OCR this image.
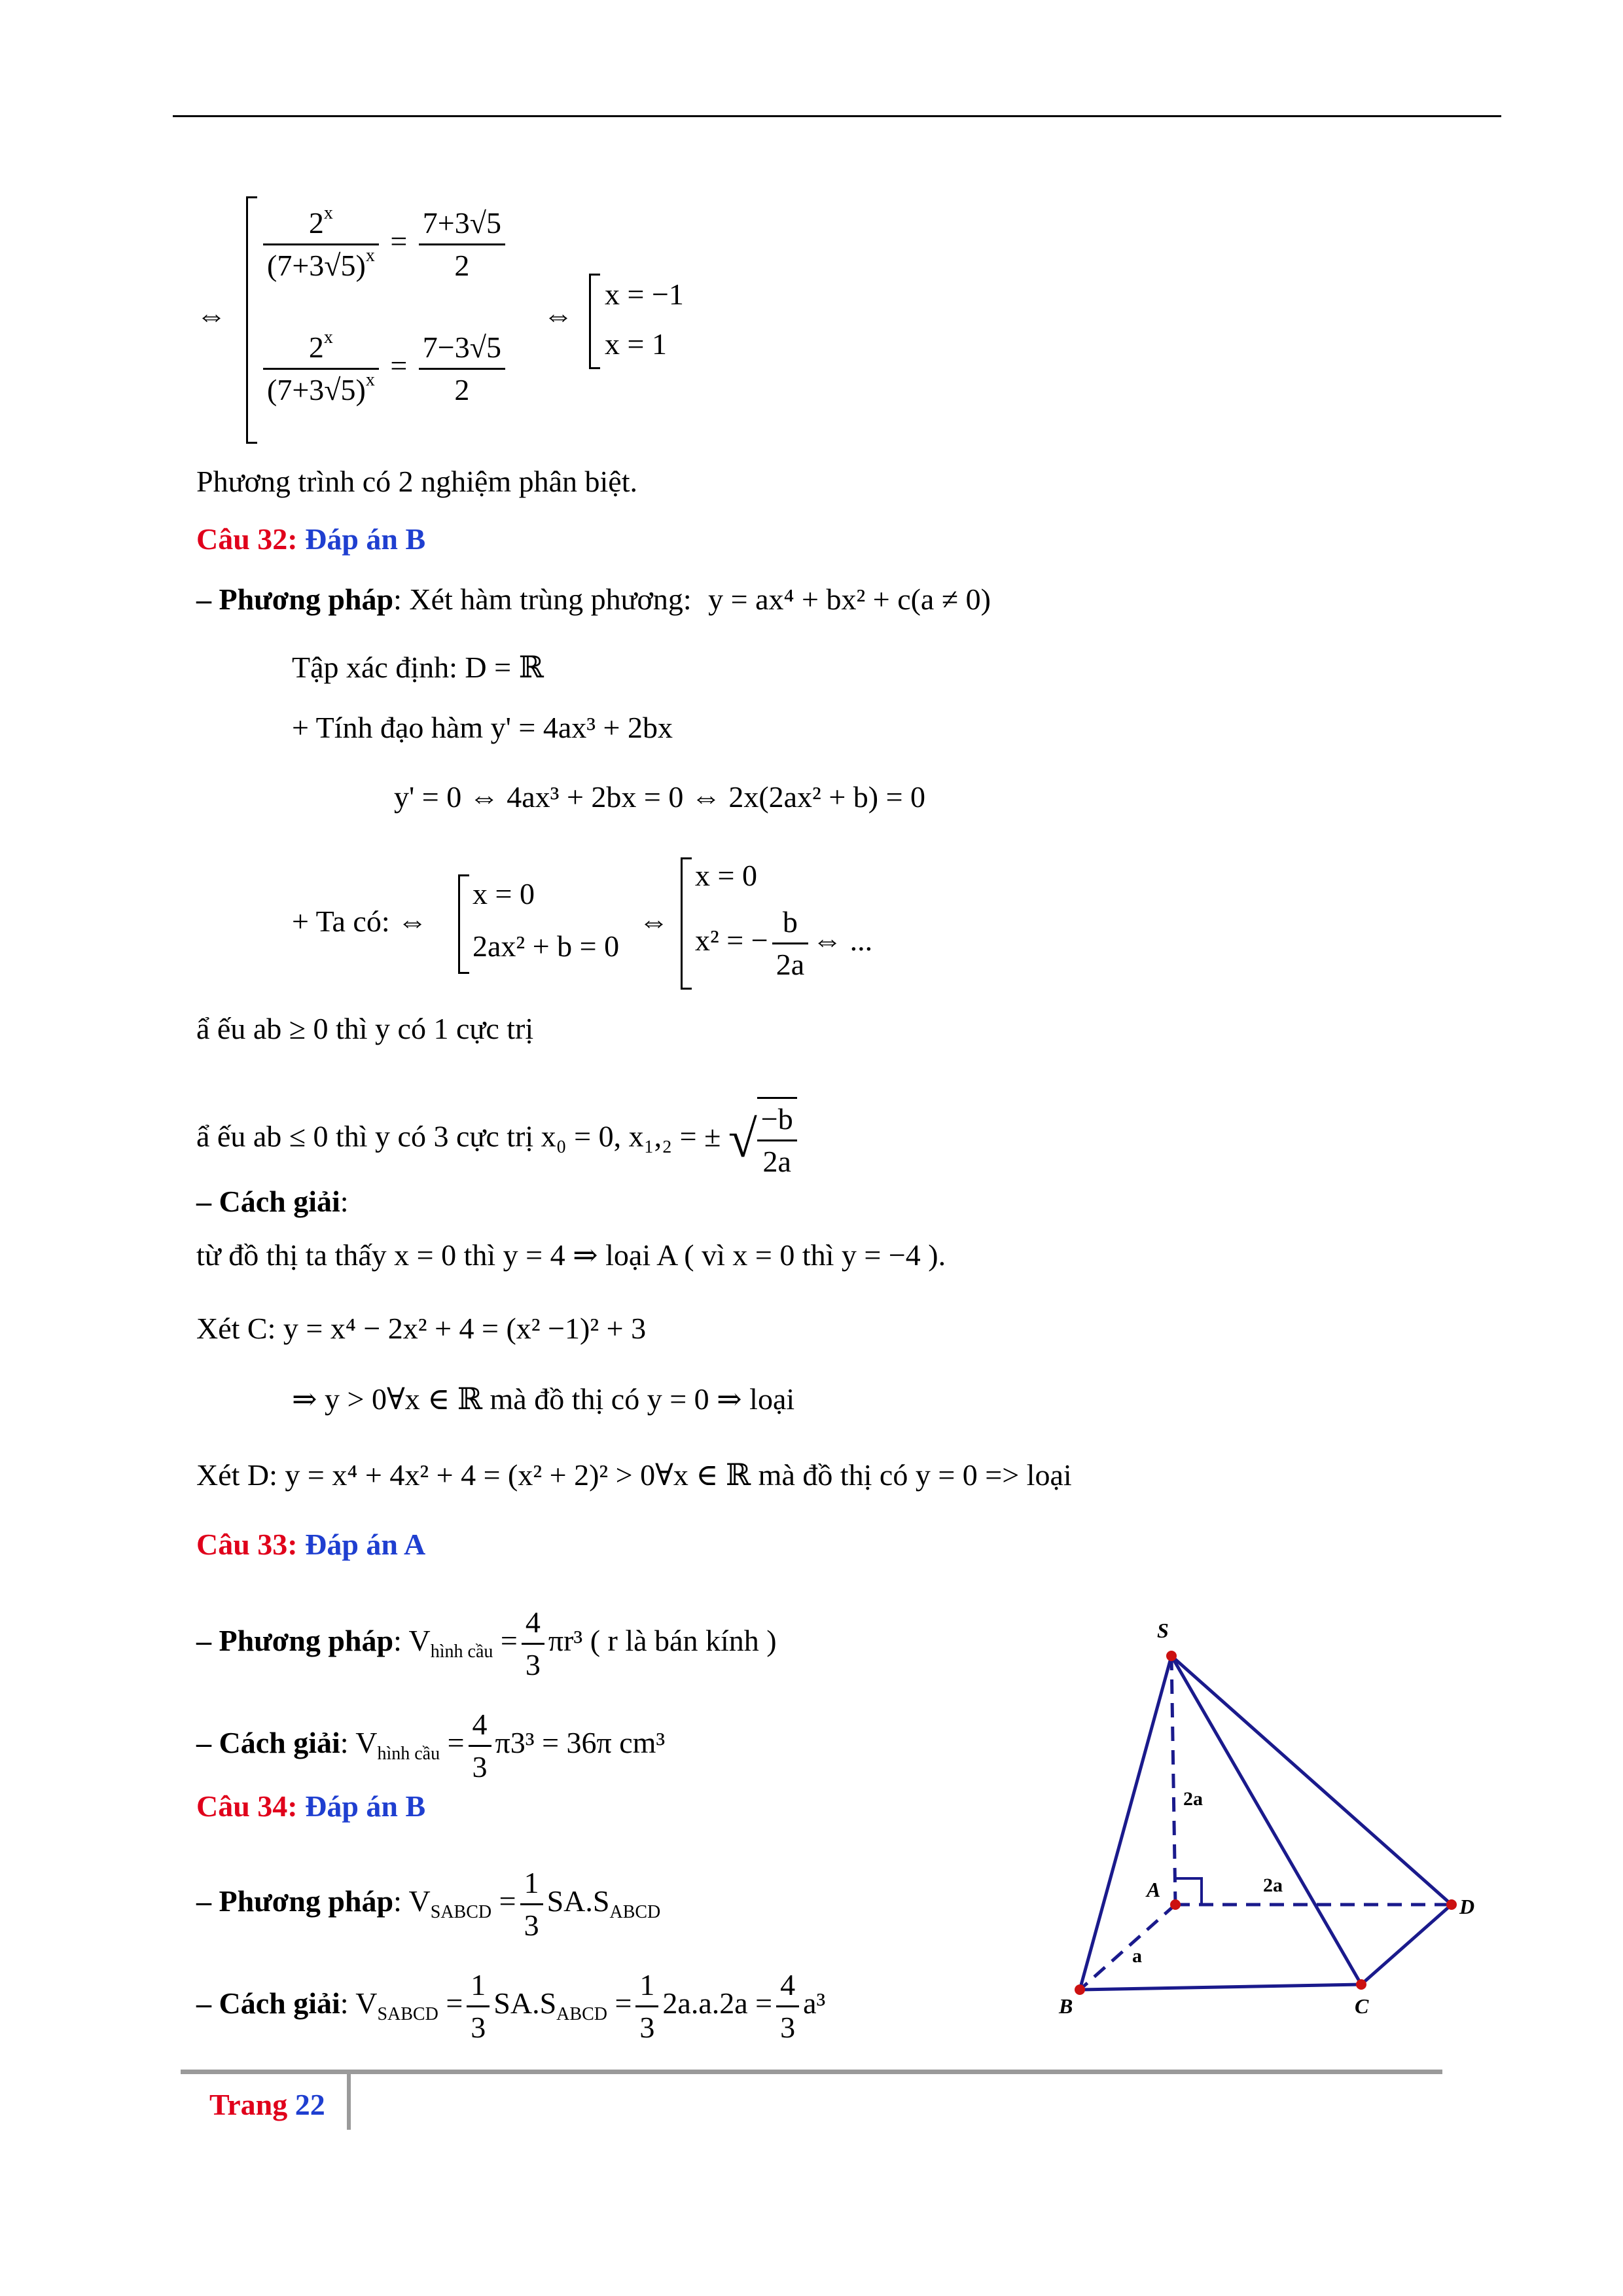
⇔
$\frac{2^x}{(7+3√5)^x} = \frac{7+3√5}{2}$
$\frac{2^x}{(7+3√5)^x} = \frac{7-3√5}{2}$
⇔
x = −1
x = 1
Phương trình có 2 nghiệm phân biệt.
Câu 32: Đáp án B
– Phương pháp: Xét hàm trùng phương: y = ax⁴ + bx² + c(a ≠ 0)
Tập xác định: D = ℝ
+ Tính đạo hàm y' = 4ax³ + 2bx
y' = 0 ⇔ 4ax³ + 2bx = 0 ⇔ 2x(2ax² + b) = 0
+ Ta có: ⇔
x = 0
2ax² + b = 0
⇔
x = 0
x² = − $\frac{b}{2a}$ ⇔ ...
ẩ ếu ab ≥ 0 thì y có 1 cực trị
ẩ ếu ab ≤ 0 thì y có 3 cực trị x₀ = 0, x₁,₂ = ± √ $\frac{-b}{2a}$
– Cách giải:
từ đồ thị ta thấy x = 0 thì y = 4 ⇒ loại A ( vì x = 0 thì y = −4 ).
Xét C: y = x⁴ − 2x² + 4 = (x² −1)² + 3
⇒ y > 0∀x ∈ ℝ mà đồ thị có y = 0 ⇒ loại
Xét D: y = x⁴ + 4x² + 4 = (x² + 2)² > 0∀x ∈ ℝ mà đồ thị có y = 0 => loại
Câu 33: Đáp án A
– Phương pháp: $V_{hình cầu} = \frac{4}{3} \pi r^3$ ( r là bán kính )
– Cách giải: $V_{hình cầu} = \frac{4}{3} \pi 3^3 = 36\pi$ cm³
Câu 34: Đáp án B
– Phương pháp: $V_{SABCD} = \frac{1}{3} SA.S_{ABCD}$
– Cách giải: $V_{SABCD} = \frac{1}{3} SA.S_{ABCD} = \frac{1}{3} 2a.a.2a = \frac{4}{3} a^3$
S
A
B	C
D
2a
2a
a
Trang 22
